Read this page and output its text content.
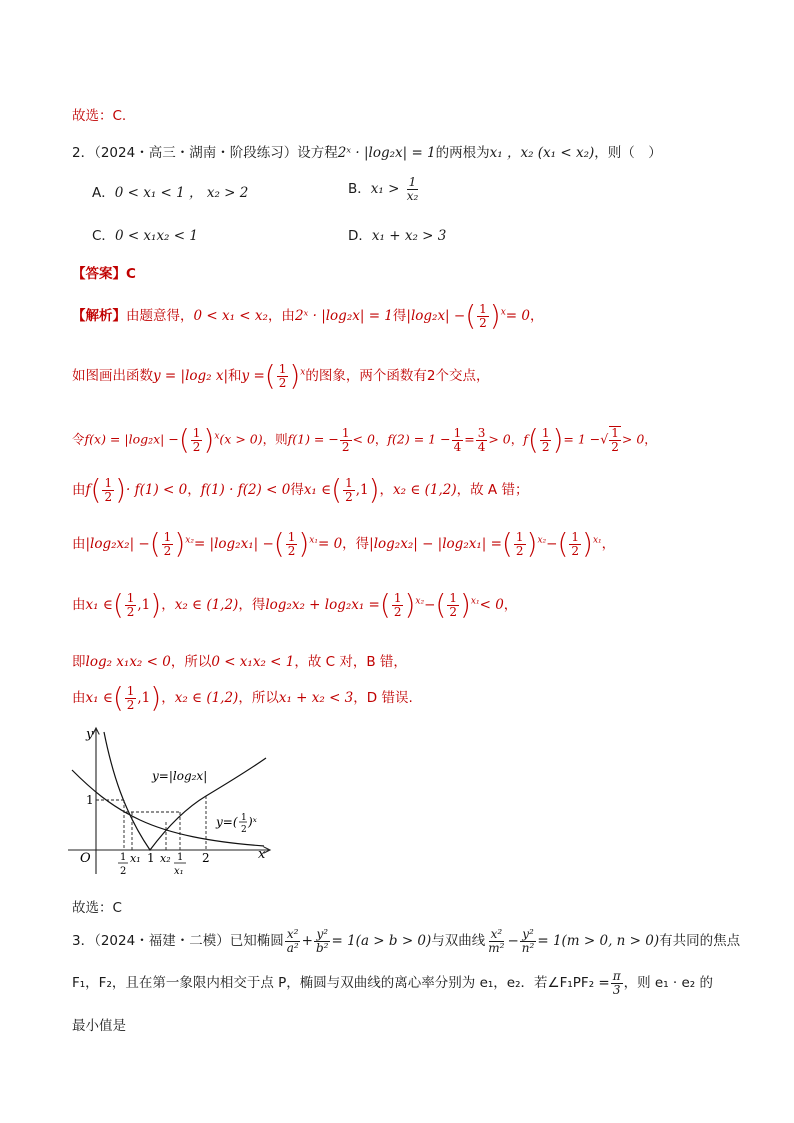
故选：C.
2．（2024・高三・湖南・阶段练习）设方程2ˣ · |log₂x| = 1的两根为x₁ ，x₂ (x₁ < x₂)，则（　）
A．0 < x₁ < 1 ， x₂ > 2	B．$x_1 > \frac{1}{\text{x₂}}$
C．0 < x₁x₂ < 1	D．x₁ + x₂ > 3
【答案】C
【解析】由题意得，0 < x₁ < x₂，由2ˣ · |log₂x| = 1得|log₂x| −( $\frac{1}{2} )^x= 0$，
如图画出函数y = |log₂ x|和y =( $\frac{1}{2} )^x$的图象，两个函数有2个交点，
令f(x) = |log₂x| −( $\frac{1}{2} )^x(x > 0)$，则f(1) = − $\frac{1}{2} < 0$，$f(2) = 1 - \frac{1}{4} = \frac{3}{4} > 0$，$f( \frac{1}{2}$ )= 1 −√ $\frac{1}{2} > 0$，
由$f( \frac{1}{2}$ )· f(1) < 0，f(1) · f(2) < 0得x₁ ∈( $\frac{1}{2} ,1$)，x₂ ∈ (1,2)，故 A 错；
由|log₂x₂| −( $\frac{1}{2} )^{x_2}= |\log_2x_1|$ −( $\frac{1}{2} )^{x_1}= 0$，得|log₂x₂| − |log₂x₁| =( $\frac{1}{2} )^{x_2}-( \frac{1}{2} )^{x_1}$，
由x₁ ∈( $\frac{1}{2} ,1$)，x₂ ∈ (1,2)，得log₂x₂ + log₂x₁ =( $\frac{1}{2} )^{x_2}-( \frac{1}{2} )^{x_1}< 0$，
即log₂ x₁x₂ < 0，所以0 < x₁x₂ < 1，故 C 对，B 错，
由x₁ ∈( $\frac{1}{2} ,1$)，x₂ ∈ (1,2)，所以x₁ + x₂ < 3，D 错误.
y
x
O
y=|log₂x|
y=( 1
2
)ˣ
1
1
2
x₁ 1 x₂ 1
x₁
2
故选：C
3．（2024・福建・二模）已知椭圆 $\frac{\text{x²}}{\text{a²}} + \frac{\text{y²}}{\text{b²}} = 1(a > b > 0)$与双曲线 $\frac{\text{x²}}{\text{m²}} - \frac{\text{y²}}{\text{n²}} = 1(m > 0$, n > 0)有共同的焦点
F₁，F₂，且在第一象限内相交于点 P，椭圆与双曲线的离心率分别为 e₁，e₂．若∠F₁PF₂ = $\frac{\pi}{3}$ ，则 e₁ · e₂ 的
最小值是
